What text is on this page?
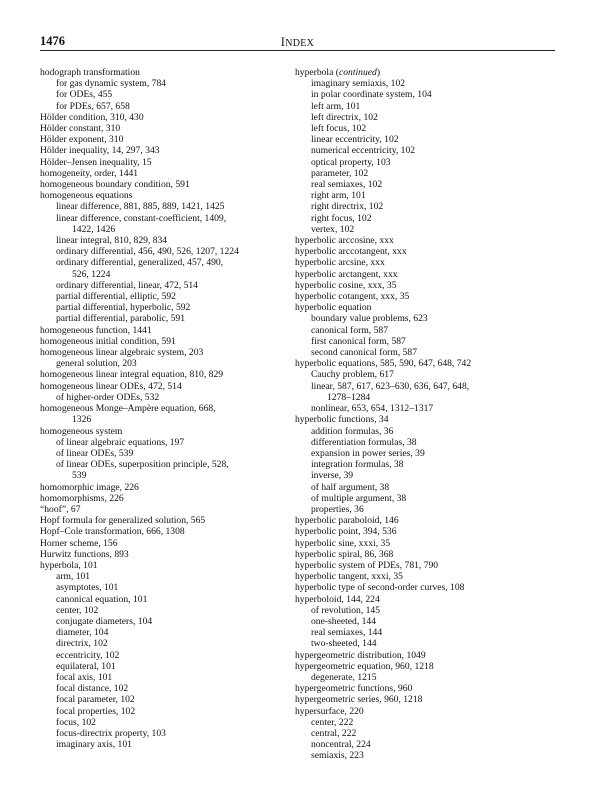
1476	INDEX
hodograph transformation
for gas dynamic system, 784
for ODEs, 455
for PDEs, 657, 658
Hölder condition, 310, 430
Hölder constant, 310
Hölder exponent, 310
Hölder inequality, 14, 297, 343
Hölder–Jensen inequality, 15
homogeneity, order, 1441
homogeneous boundary condition, 591
homogeneous equations
linear difference, 881, 885, 889, 1421, 1425
linear difference, constant-coefficient, 1409,
1422, 1426
linear integral, 810, 829, 834
ordinary differential, 456, 490, 526, 1207, 1224
ordinary differential, generalized, 457, 490,
526, 1224
ordinary differential, linear, 472, 514
partial differential, elliptic, 592
partial differential, hyperbolic, 592
partial differential, parabolic, 591
homogeneous function, 1441
homogeneous initial condition, 591
homogeneous linear algebraic system, 203
general solution, 203
homogeneous linear integral equation, 810, 829
homogeneous linear ODEs, 472, 514
of higher-order ODEs, 532
homogeneous Monge–Ampère equation, 668,
1326
homogeneous system
of linear algebraic equations, 197
of linear ODEs, 539
of linear ODEs, superposition principle, 528,
539
homomorphic image, 226
homomorphisms, 226
“hoof”, 67
Hopf formula for generalized solution, 565
Hopf–Cole transformation, 666, 1308
Horner scheme, 156
Hurwitz functions, 893
hyperbola, 101
arm, 101
asymptotes, 101
canonical equation, 101
center, 102
conjugate diameters, 104
diameter, 104
directrix, 102
eccentricity, 102
equilateral, 101
focal axis, 101
focal distance, 102
focal parameter, 102
focal properties, 102
focus, 102
focus-directrix property, 103
imaginary axis, 101
hyperbola (continued)
imaginary semiaxis, 102
in polar coordinate system, 104
left arm, 101
left directrix, 102
left focus, 102
linear eccentricity, 102
numerical eccentricity, 102
optical property, 103
parameter, 102
real semiaxes, 102
right arm, 101
right directrix, 102
right focus, 102
vertex, 102
hyperbolic arccosine, xxx
hyperbolic arccotangent, xxx
hyperbolic arcsine, xxx
hyperbolic arctangent, xxx
hyperbolic cosine, xxx, 35
hyperbolic cotangent, xxx, 35
hyperbolic equation
boundary value problems, 623
canonical form, 587
first canonical form, 587
second canonical form, 587
hyperbolic equations, 585, 590, 647, 648, 742
Cauchy problem, 617
linear, 587, 617, 623–630, 636, 647, 648,
1278–1284
nonlinear, 653, 654, 1312–1317
hyperbolic functions, 34
addition formulas, 36
differentiation formulas, 38
expansion in power series, 39
integration formulas, 38
inverse, 39
of half argument, 38
of multiple argument, 38
properties, 36
hyperbolic paraboloid, 146
hyperbolic point, 394, 536
hyperbolic sine, xxxi, 35
hyperbolic spiral, 86, 368
hyperbolic system of PDEs, 781, 790
hyperbolic tangent, xxxi, 35
hyperbolic type of second-order curves, 108
hyperboloid, 144, 224
of revolution, 145
one-sheeted, 144
real semiaxes, 144
two-sheeted, 144
hypergeometric distribution, 1049
hypergeometric equation, 960, 1218
degenerate, 1215
hypergeometric functions, 960
hypergeometric series, 960, 1218
hypersurface, 220
center, 222
central, 222
noncentral, 224
semiaxis, 223
